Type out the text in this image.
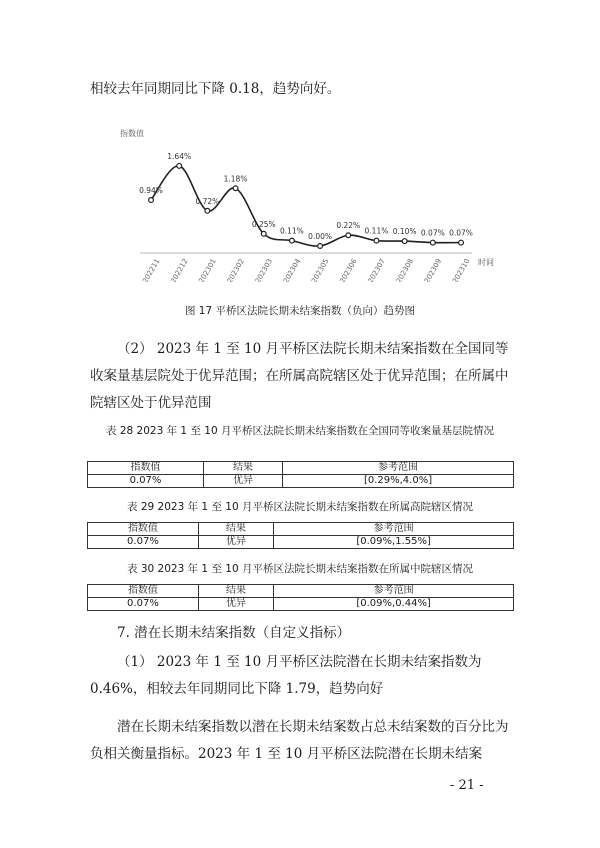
相较去年同期同比下降 0.18，趋势向好。

指数值
时间
0.94%
202211
1.64%
202212
0.72%
202301
1.18%
202302
0.25%
202303
0.11%
202304
0.00%
202305
0.22%
202306
0.11%
202307
0.10%
202308
0.07%
202309
0.07%
202310
图 17 平桥区法院长期未结案指数（负向）趋势图

（2） 2023 年 1 至 10 月平桥区法院长期未结案指数在全国同等收案量基层院处于优异范围；在所属高院辖区处于优异范围；在所属中院辖区处于优异范围

表 28 2023 年 1 至 10 月平桥区法院长期未结案指数在全国同等收案量基层院情况
指数值	结果	参考范围
0.07%	优异	[0.29%,4.0%]
表 29 2023 年 1 至 10 月平桥区法院长期未结案指数在所属高院辖区情况
指数值	结果	参考范围
0.07%	优异	[0.09%,1.55%]
表 30 2023 年 1 至 10 月平桥区法院长期未结案指数在所属中院辖区情况
指数值	结果	参考范围
0.07%	优异	[0.09%,0.44%]

7. 潜在长期未结案指数（自定义指标）

（1） 2023 年 1 至 10 月平桥区法院潜在长期未结案指数为 0.46%，相较去年同期同比下降 1.79，趋势向好

潜在长期未结案指数以潜在长期未结案数占总未结案数的百分比为负相关衡量指标。2023 年 1 至 10 月平桥区法院潜在长期未结案

- 21 -
